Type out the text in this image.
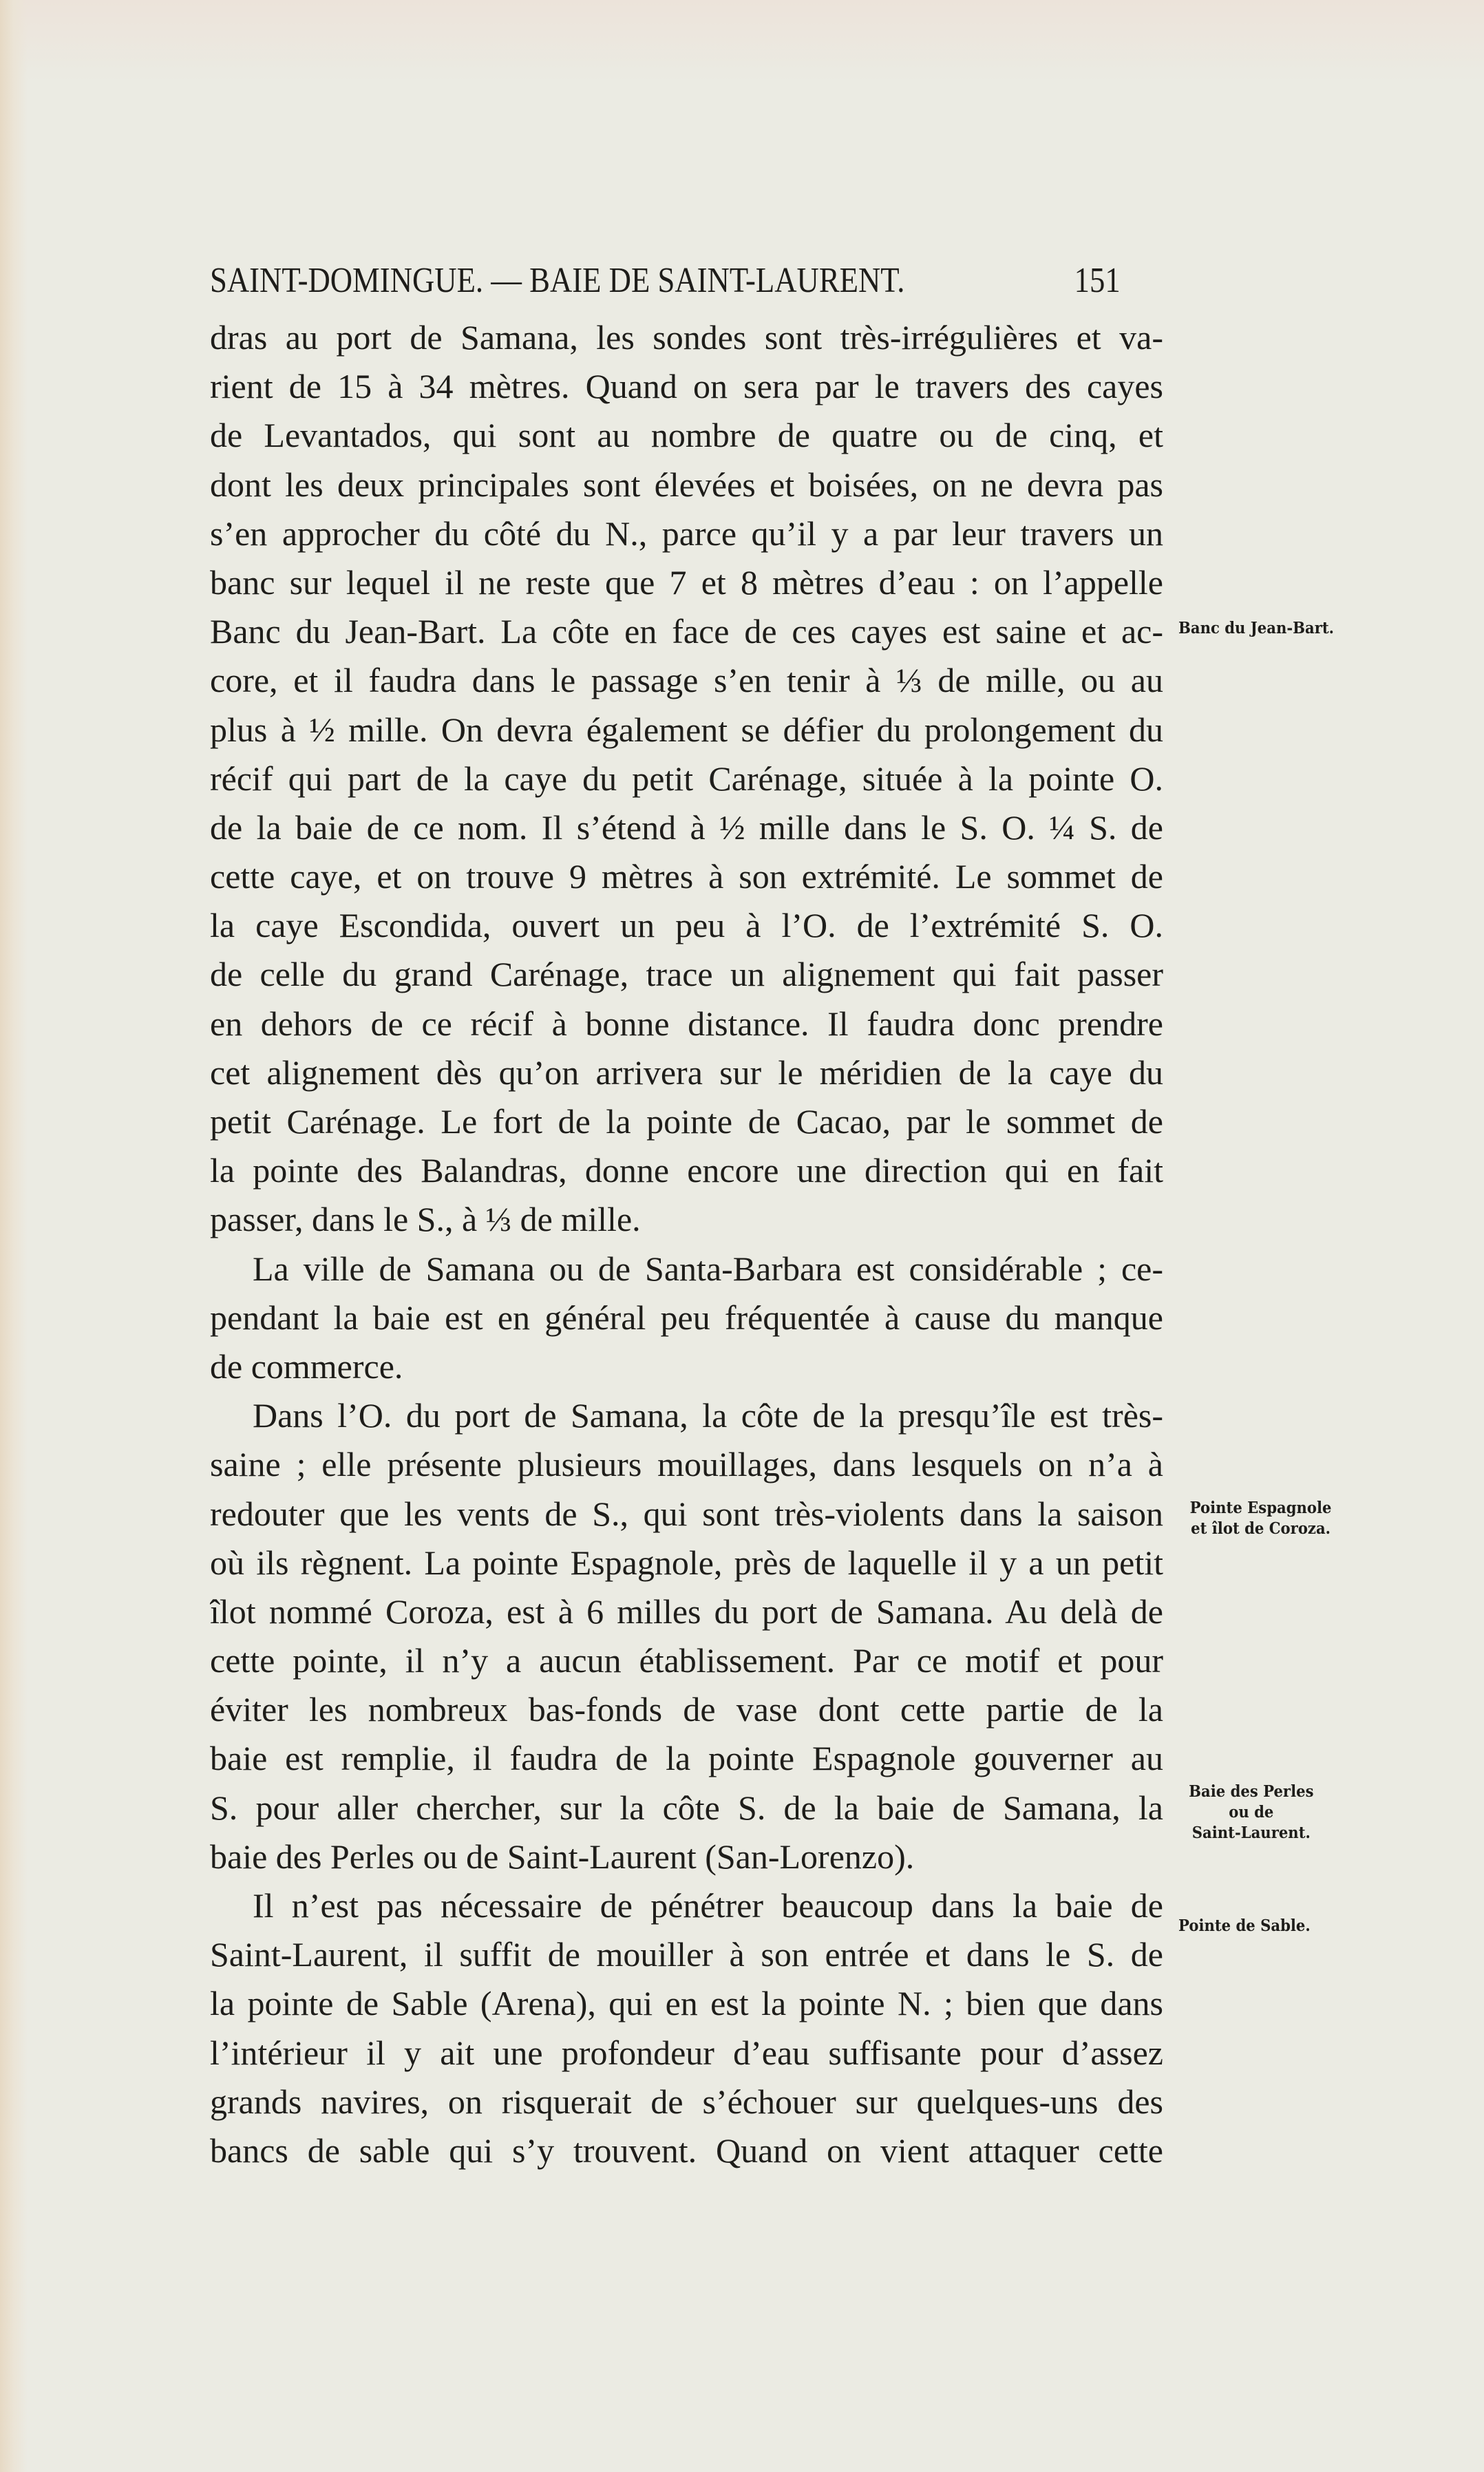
SAINT-DOMINGUE. — BAIE DE SAINT-LAURENT.	151
dras au port de Samana, les sondes sont très-irrégulières et va-
rient de 15 à 34 mètres. Quand on sera par le travers des cayes
de Levantados, qui sont au nombre de quatre ou de cinq, et
dont les deux principales sont élevées et boisées, on ne devra pas
s’en approcher du côté du N., parce qu’il y a par leur travers un
banc sur lequel il ne reste que 7 et 8 mètres d’eau : on l’appelle
Banc du Jean-Bart. La côte en face de ces cayes est saine et ac-
core, et il faudra dans le passage s’en tenir à ⅓ de mille, ou au
plus à ½ mille. On devra également se défier du prolongement du
récif qui part de la caye du petit Carénage, située à la pointe O.
de la baie de ce nom. Il s’étend à ½ mille dans le S. O. ¼ S. de
cette caye, et on trouve 9 mètres à son extrémité. Le sommet de
la caye Escondida, ouvert un peu à l’O. de l’extrémité S. O.
de celle du grand Carénage, trace un alignement qui fait passer
en dehors de ce récif à bonne distance. Il faudra donc prendre
cet alignement dès qu’on arrivera sur le méridien de la caye du
petit Carénage. Le fort de la pointe de Cacao, par le sommet de
la pointe des Balandras, donne encore une direction qui en fait
passer, dans le S., à ⅓ de mille.
La ville de Samana ou de Santa-Barbara est considérable ; ce-
pendant la baie est en général peu fréquentée à cause du manque
de commerce.
Dans l’O. du port de Samana, la côte de la presqu’île est très-
saine ; elle présente plusieurs mouillages, dans lesquels on n’a à
redouter que les vents de S., qui sont très-violents dans la saison
où ils règnent. La pointe Espagnole, près de laquelle il y a un petit
îlot nommé Coroza, est à 6 milles du port de Samana. Au delà de
cette pointe, il n’y a aucun établissement. Par ce motif et pour
éviter les nombreux bas-fonds de vase dont cette partie de la
baie est remplie, il faudra de la pointe Espagnole gouverner au
S. pour aller chercher, sur la côte S. de la baie de Samana, la
baie des Perles ou de Saint-Laurent (San-Lorenzo).
Il n’est pas nécessaire de pénétrer beaucoup dans la baie de
Saint-Laurent, il suffit de mouiller à son entrée et dans le S. de
la pointe de Sable (Arena), qui en est la pointe N. ; bien que dans
l’intérieur il y ait une profondeur d’eau suffisante pour d’assez
grands navires, on risquerait de s’échouer sur quelques-uns des
bancs de sable qui s’y trouvent. Quand on vient attaquer cette
Banc du Jean-Bart.
Pointe Espagnole
et îlot de Coroza.
Baie des Perles
ou de
Saint-Laurent.
Pointe de Sable.
